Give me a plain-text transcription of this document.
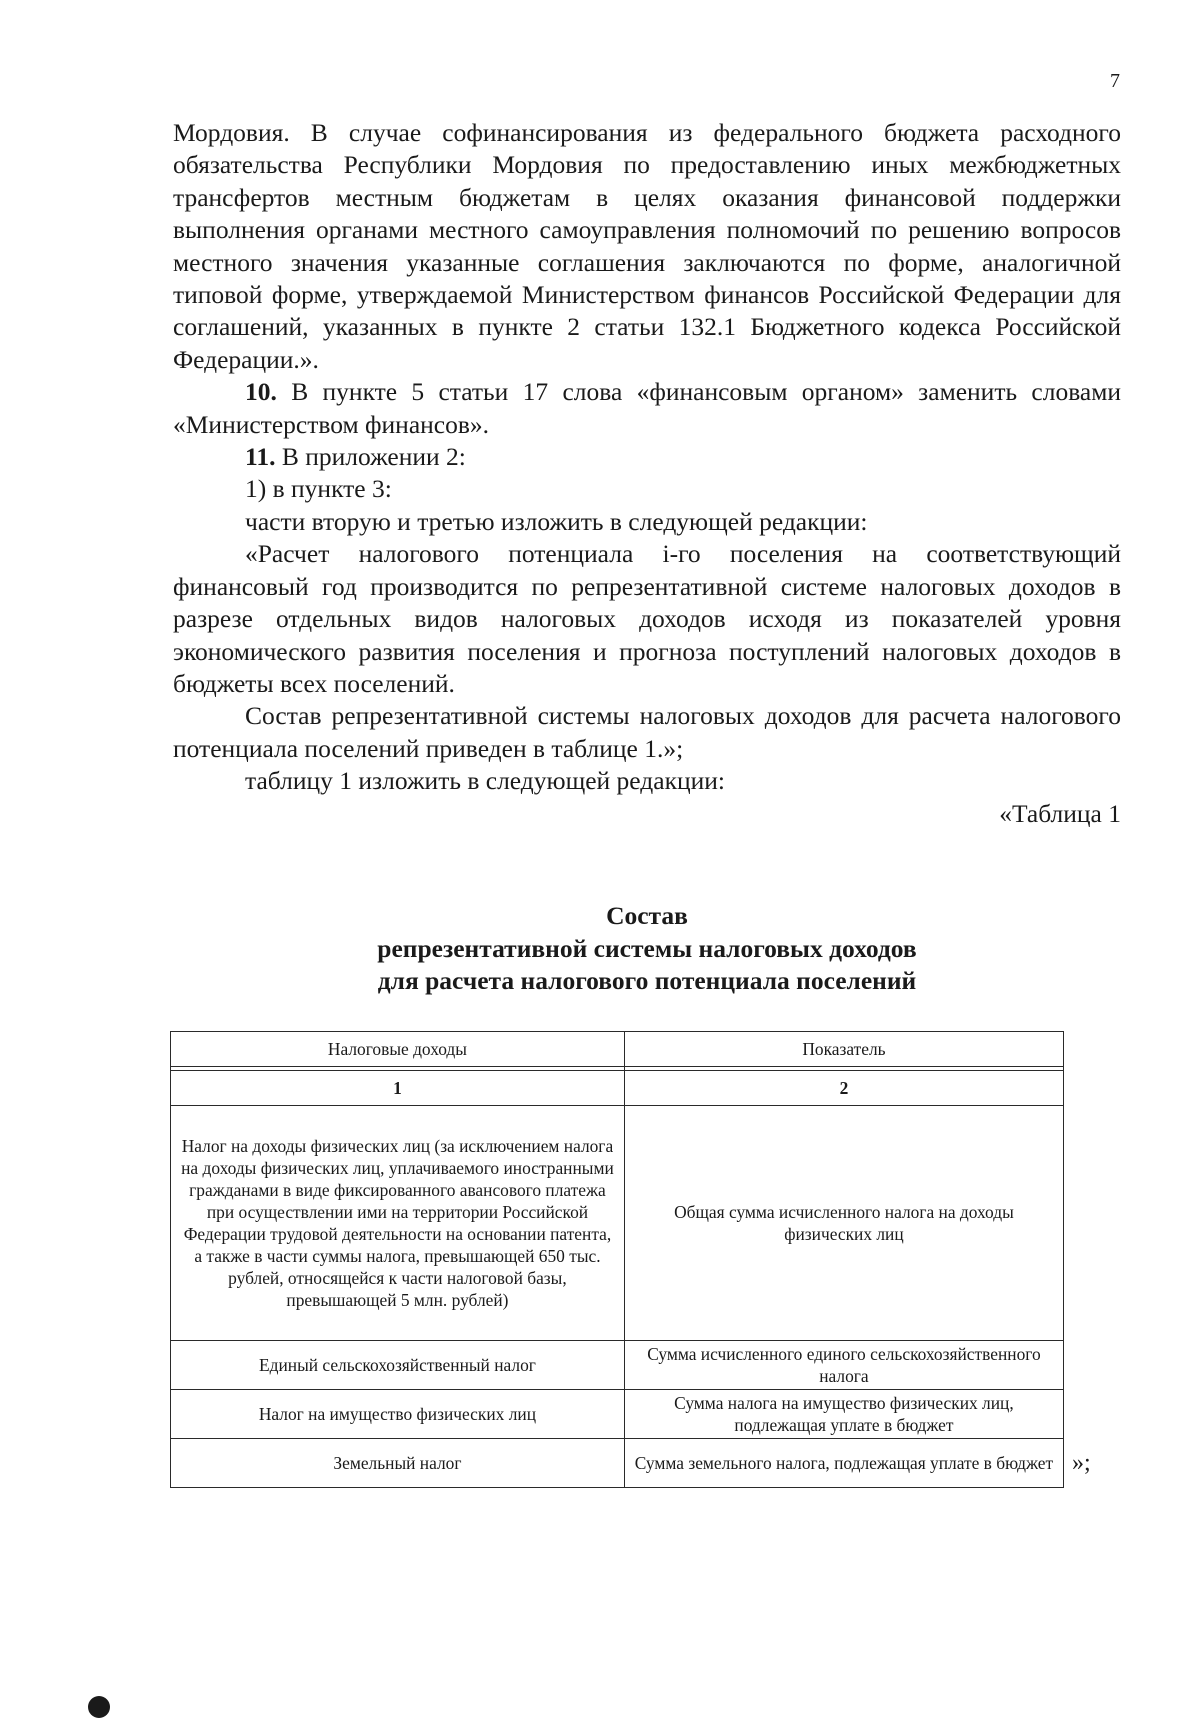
7

Мордовия. В случае софинансирования из федерального бюджета расходного обязательства Республики Мордовия по предоставлению иных межбюджетных трансфертов местным бюджетам в целях оказания финансовой поддержки выполнения органами местного самоуправления полномочий по решению вопросов местного значения указанные соглашения заключаются по форме, аналогичной типовой форме, утверждаемой Министерством финансов Российской Федерации для соглашений, указанных в пункте 2 статьи 132.1 Бюджетного кодекса Российской Федерации.».

10. В пункте 5 статьи 17 слова «финансовым органом» заменить словами «Министерством финансов».

11. В приложении 2:

1) в пункте 3:

части вторую и третью изложить в следующей редакции:

«Расчет налогового потенциала i-го поселения на соответствующий финансовый год производится по репрезентативной системе налоговых доходов в разрезе отдельных видов налоговых доходов исходя из показателей уровня экономического развития поселения и прогноза поступлений налоговых доходов в бюджеты всех поселений.

Состав репрезентативной системы налоговых доходов для расчета налогового потенциала поселений приведен в таблице 1.»;

таблицу 1 изложить в следующей редакции:

«Таблица 1

Состав
репрезентативной системы налоговых доходов
для расчета налогового потенциала поселений
Налоговые доходы	Показатель

1	2
Налог на доходы физических лиц (за исключением налога на доходы физических лиц, уплачиваемого иностранными гражданами в виде фиксированного авансового платежа при осуществлении ими на территории Российской Федерации трудовой деятельности на основании патента, а также в части суммы налога, превышающей 650 тыс. рублей, относящейся к части налоговой базы, превышающей 5 млн. рублей)	Общая сумма исчисленного налога на доходы физических лиц
Единый сельскохозяйственный налог	Сумма исчисленного единого сельскохозяйственного налога
Налог на имущество физических лиц	Сумма налога на имущество физических лиц, подлежащая уплате в бюджет
Земельный налог	Сумма земельного налога, подлежащая уплате в бюджет »;
